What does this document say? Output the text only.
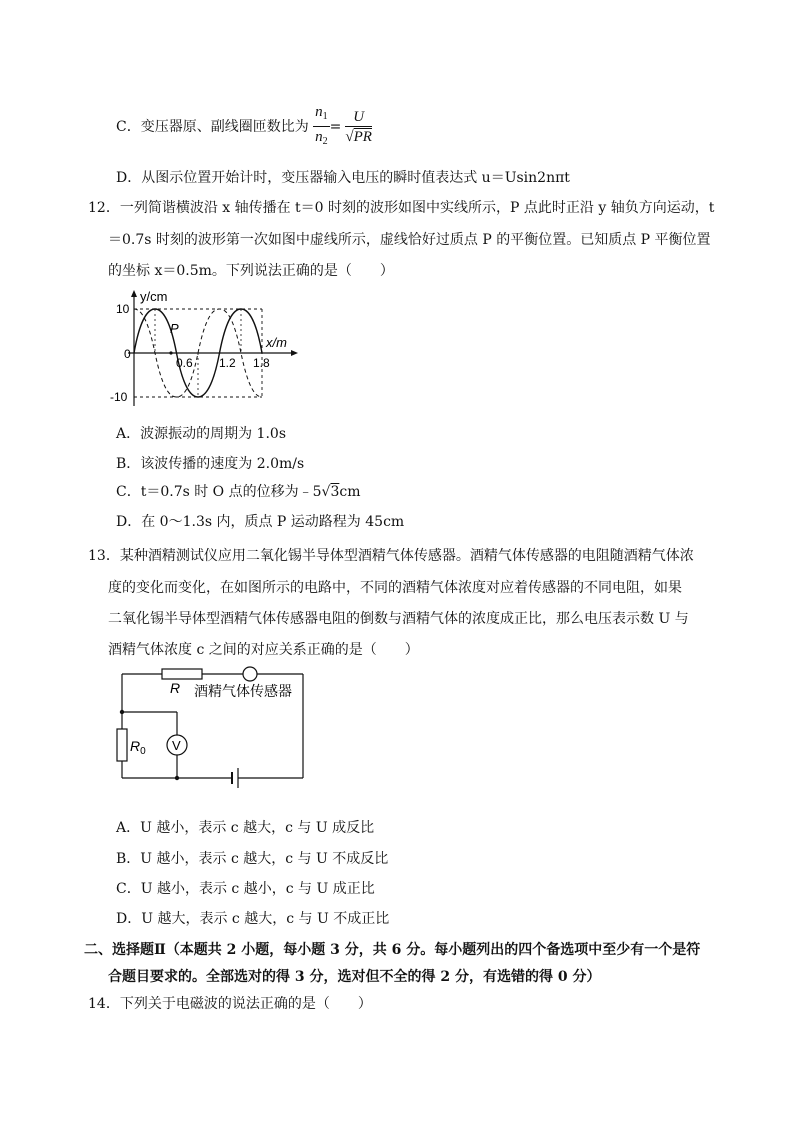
C．变压器原、副线圈匝数比为 $\frac{n_1}{n_2} = \frac{U}{√PR}$
D．从图示位置开始计时，变压器输入电压的瞬时值表达式 u＝Usin2nπt
12．一列简谐横波沿 x 轴传播在 t＝0 时刻的波形如图中实线所示，P 点此时正沿 y 轴负方向运动，t
＝0.7s 时刻的波形第一次如图中虚线所示，虚线恰好过质点 P 的平衡位置。已知质点 P 平衡位置
的坐标 x＝0.5m。下列说法正确的是（　　）
P
y/cm
x/m
10
0
-10
0.6 1.2 1.8
A．波源振动的周期为 1.0s
B．该波传播的速度为 2.0m/s
C．t＝0.7s 时 O 点的位移为﹣5√3cm
D．在 0～1.3s 内，质点 P 运动路程为 45cm
13．某种酒精测试仪应用二氧化锡半导体型酒精气体传感器。酒精气体传感器的电阻随酒精气体浓
度的变化而变化，在如图所示的电路中，不同的酒精气体浓度对应着传感器的不同电阻，如果
二氧化锡半导体型酒精气体传感器电阻的倒数与酒精气体的浓度成正比，那么电压表示数 U 与
酒精气体浓度 c 之间的对应关系正确的是（　　）
V
R 酒精气体传感器
$R_0$
A．U 越小，表示 c 越大，c 与 U 成反比
B．U 越小，表示 c 越大，c 与 U 不成反比
C．U 越小，表示 c 越小，c 与 U 成正比
D．U 越大，表示 c 越大，c 与 U 不成正比
二、选择题Ⅱ（本题共 2 小题，每小题 3 分，共 6 分。每小题列出的四个备选项中至少有一个是符
合题目要求的。全部选对的得 3 分，选对但不全的得 2 分，有选错的得 0 分）
14．下列关于电磁波的说法正确的是（　　）
